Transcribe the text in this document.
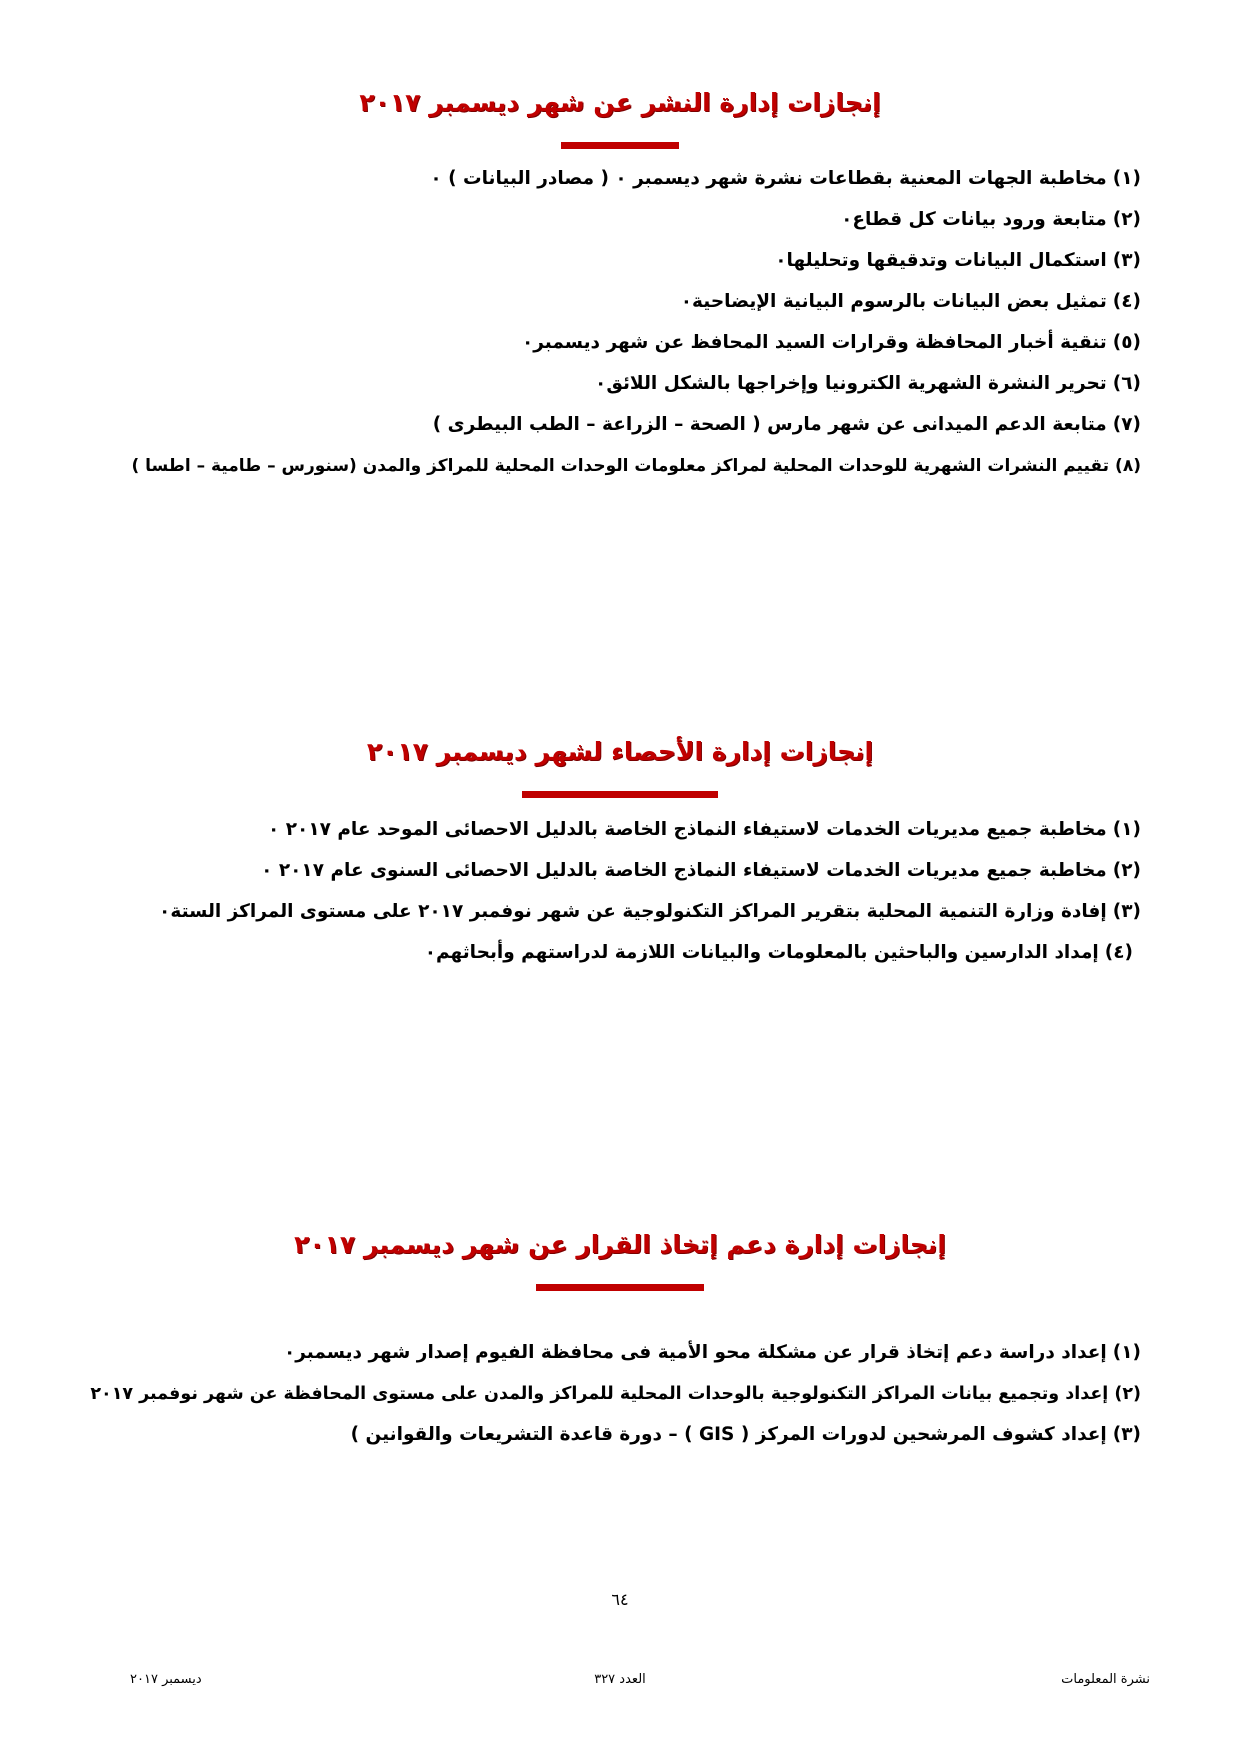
إنجازات إدارة النشر عن شهر ديسمبر ٢٠١٧
(١)مخاطبة الجهات المعنية بقطاعات نشرة شهر ديسمبر ٠ ( مصادر البيانات ) ٠
(٢)متابعة ورود بيانات كل قطاع٠
(٣)استكمال البيانات وتدقيقها وتحليلها٠
(٤)تمثيل بعض البيانات بالرسوم البيانية الإيضاحية٠
(٥)تنقية أخبار المحافظة وقرارات السيد المحافظ عن شهر ديسمبر٠
(٦)تحرير النشرة الشهرية الكترونيا وإخراجها بالشكل اللائق٠
(٧)متابعة الدعم الميدانى عن شهر مارس ( الصحة – الزراعة – الطب البيطرى )
(٨)تقييم النشرات الشهرية للوحدات المحلية لمراكز معلومات الوحدات المحلية للمراكز والمدن (سنورس – طامية – اطسا )
إنجازات إدارة الأحصاء لشهر ديسمبر ٢٠١٧
(١)مخاطبة جميع مديريات الخدمات لاستيفاء النماذج الخاصة بالدليل الاحصائى الموحد عام ٢٠١٧ ٠
(٢)مخاطبة جميع مديريات الخدمات لاستيفاء النماذج الخاصة بالدليل الاحصائى السنوى عام ٢٠١٧ ٠
(٣)إفادة وزارة التنمية المحلية بتقرير المراكز التكنولوجية عن شهر نوفمبر ٢٠١٧ على مستوى المراكز الستة٠
(٤)إمداد الدارسين والباحثين بالمعلومات والبيانات اللازمة لدراستهم وأبحاثهم٠
إنجازات إدارة دعم إتخاذ القرار عن شهر ديسمبر ٢٠١٧
(١)إعداد دراسة دعم إتخاذ قرار عن مشكلة محو الأمية فى محافظة الفيوم إصدار شهر ديسمبر٠
(٢)إعداد وتجميع بيانات المراكز التكنولوجية بالوحدات المحلية للمراكز والمدن على مستوى المحافظة عن شهر نوفمبر ٢٠١٧
(٣)إعداد كشوف المرشحين لدورات المركز ( GIS ) – دورة قاعدة التشريعات والقوانين )
٦٤
نشرة المعلومات
العدد ٣٢٧
ديسمبر ٢٠١٧
